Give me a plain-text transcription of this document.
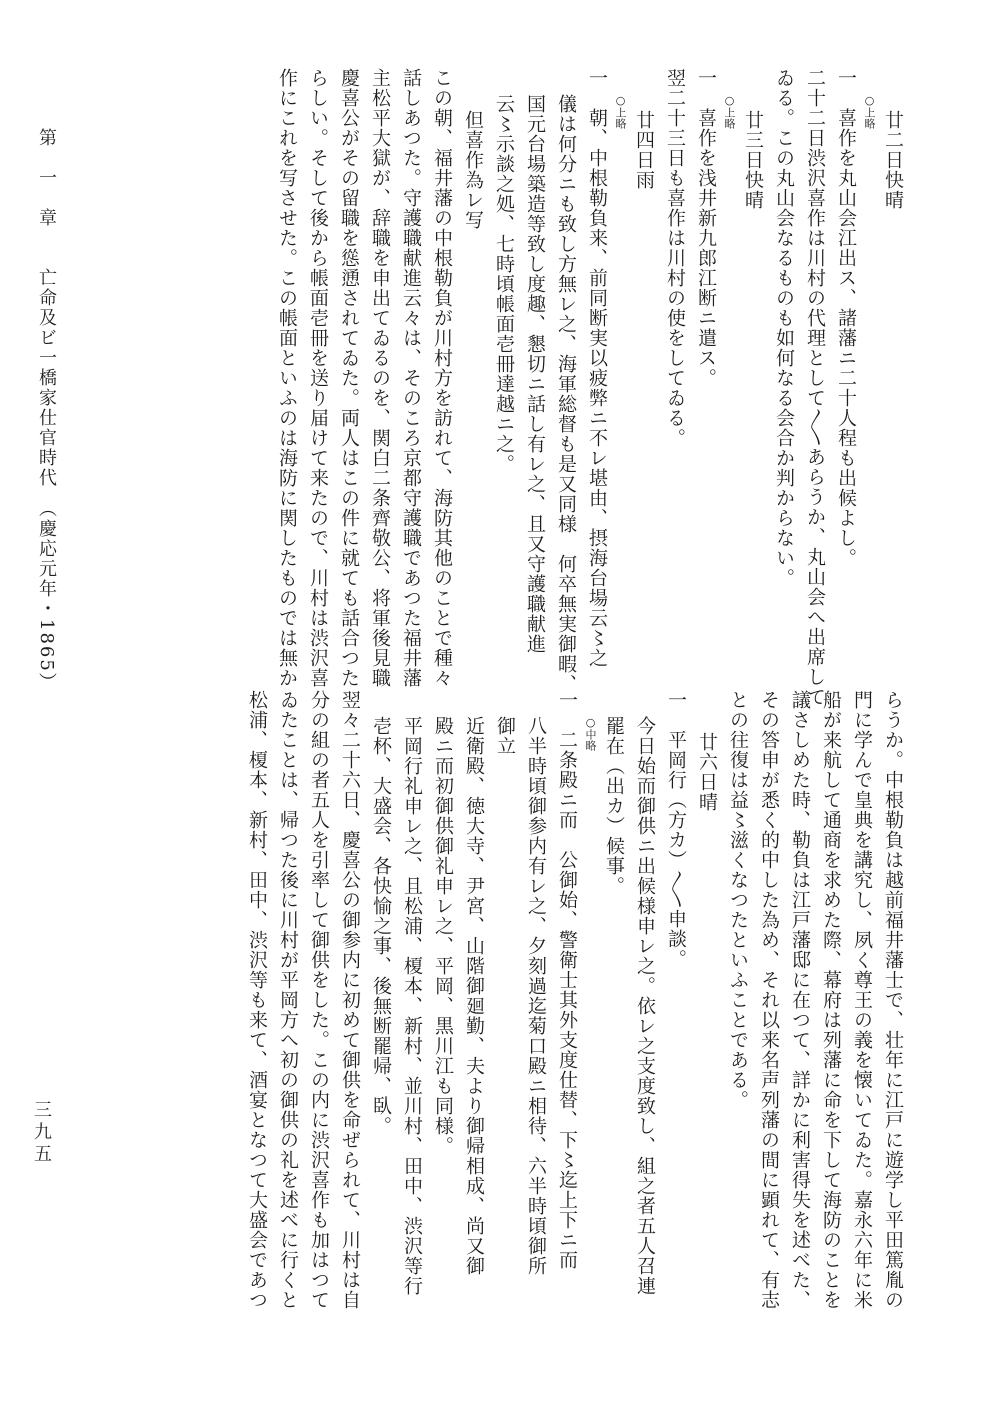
廿二日快晴
○ 上略
一　喜作を丸山会江出ス、諸藩ニ二十人程も出候よし。
二十二日渋沢喜作は川村の代理として〳〵あらうか、丸山会へ出席して
ゐる。この丸山会なるものも如何なる会合か判からない。
廿三日快晴
○ 上略
一　喜作を浅井新九郎江断ニ遣ス。
翌二十三日も喜作は川村の使をしてゐる。
廿四日雨
○ 上略
一　朝、中根勒負来、前同断実以疲弊ニ不レ堪由、摂海台場云〻之
儀は何分ニも致し方無レ之、海軍総督も是又同様　何卒無実御暇、
国元台場築造等致し度趣、懇切ニ話し有レ之、且又守護職献進
云〻示談之処、七時頃帳面壱冊達越ニ之。
但喜作為レ写
この朝、福井藩の中根勒負が川村方を訪れて、海防其他のことで種々
話しあつた。守護職献進云々は、そのころ京都守護職であつた福井藩
主松平大獄が、辞職を申出てゐるのを、関白二条齊敬公、将軍後見職
慶喜公がその留職を慫慂されてゐた。両人はこの件に就ても話合つた
らしい。そして後から帳面壱冊を送り届けて来たので、川村は渋沢喜
作にこれを写させた。この帳面といふのは海防に関したものでは無か
らうか。中根勒負は越前福井藩士で、壮年に江戸に遊学し平田篤胤の
門に学んで皇典を講究し、夙く尊王の義を懐いてゐた。嘉永六年に米
船が来航して通商を求めた際、幕府は列藩に命を下して海防のことを
議さしめた時、勒負は江戸藩邸に在つて、詳かに利害得失を述べた、
その答申が悉く的中した為め、それ以来名声列藩の間に顕れて、有志
との往復は益〻滋くなつたといふことである。
廿六日晴
一　平岡行（方カ）〳〵申談。
今日始而御供ニ出候様申レ之。依レ之支度致し、組之者五人召連
罷在（出カ）候事。
○ 中略
一　二条殿ニ而　公御始、警衛士其外支度仕替、下〻迄上下ニ而
八半時頃御参内有レ之、夕刻過迄菊口殿ニ相待、六半時頃御所
御立
近衛殿、徳大寺、尹宮、山階御廻勤、夫より御帰相成、尚又御
殿ニ而初御供御礼申レ之、平岡、黒川江も同様。
平岡行礼申レ之、且松浦、榎本、新村、並川村、田中、渋沢等行
壱杯、大盛会、各快愉之事、後無断罷帰、臥。
翌々二十六日、慶喜公の御参内に初めて御供を命ぜられて、川村は自
分の組の者五人を引率して御供をした。この内に渋沢喜作も加はつて
ゐたことは、帰つた後に川村が平岡方へ初の御供の礼を述べに行くと
松浦、榎本、新村、田中、渋沢等も来て、酒宴となつて大盛会であつ
第　一　章　　亡命及ビ一橋家仕官時代　（慶応元年・1865）
三九五
